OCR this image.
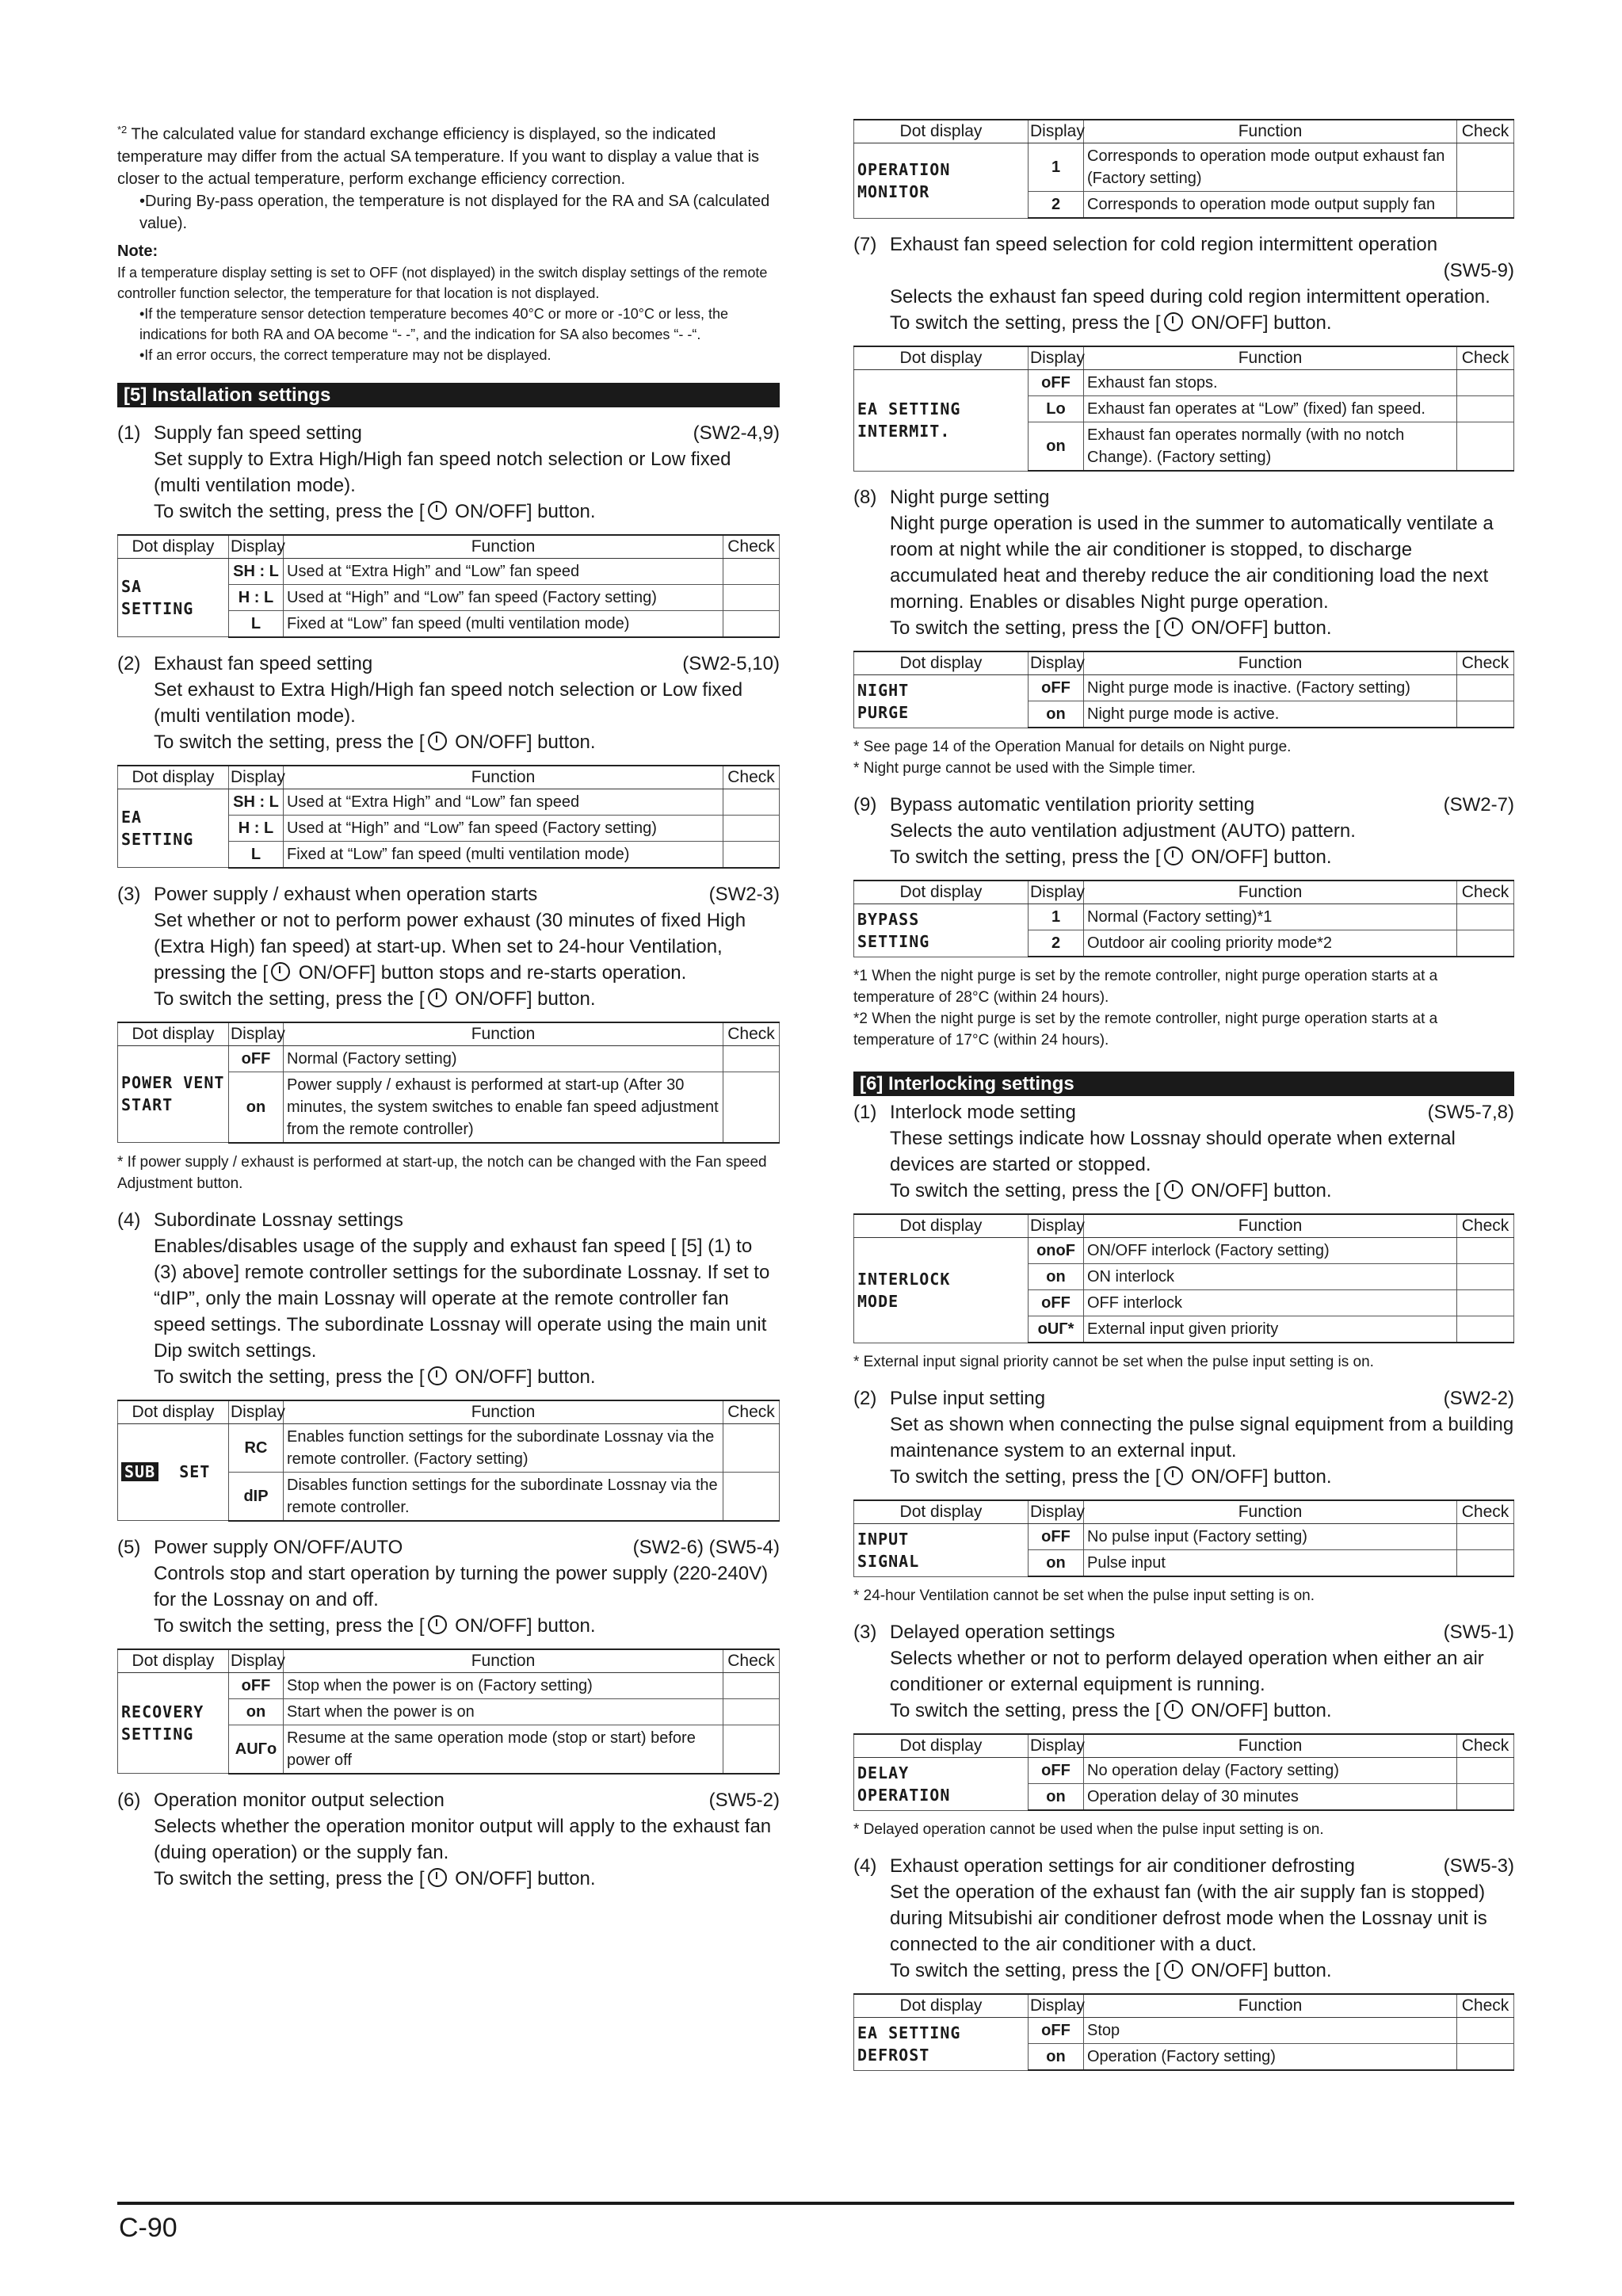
$^{*2}$ The calculated value for standard exchange efficiency is displayed, so the indicated temperature may differ from the actual SA temperature. If you want to display a value that is closer to the actual temperature, perform exchange efficiency correction.

•During By-pass operation, the temperature is not displayed for the RA and SA (calculated value).

Note:

If a temperature display setting is set to OFF (not displayed) in the switch display settings of the remote controller function selector, the temperature for that location is not displayed.

•If the temperature sensor detection temperature becomes 40°C or more or -10°C or less, the indications for both RA and OA become “- -”, and the indication for SA also becomes “- -“.

•If an error occurs, the correct temperature may not be displayed.

[5] Installation settings
(1) Supply fan speed setting	(SW2-4,9)
Set supply to Extra High/High fan speed notch selection or Low fixed (multi ventilation mode).
To switch the setting, press the [ ON/OFF] button.
Dot display	Display	Function	Check
SA
SETTING	SH : L	Used at “Extra High” and “Low” fan speed	
	H : L	Used at “High” and “Low” fan speed (Factory setting)	
	L	Fixed at “Low” fan speed (multi ventilation mode)	
(2) Exhaust fan speed setting	(SW2-5,10)
Set exhaust to Extra High/High fan speed notch selection or Low fixed (multi ventilation mode).
To switch the setting, press the [ ON/OFF] button.
Dot display	Display	Function	Check
EA
SETTING	SH : L	Used at “Extra High” and “Low” fan speed	
	H : L	Used at “High” and “Low” fan speed (Factory setting)	
	L	Fixed at “Low” fan speed (multi ventilation mode)	
(3) Power supply / exhaust when operation starts	(SW2-3)
Set whether or not to perform power exhaust (30 minutes of fixed High (Extra High) fan speed) at start-up. When set to 24-hour Ventilation, pressing the [ ON/OFF] button stops and re-starts operation.
To switch the setting, press the [ ON/OFF] button.
Dot display	Display	Function	Check
POWER VENT
START	oFF	Normal (Factory setting)	
	on	Power supply / exhaust is performed at start-up (After 30 minutes, the system switches to enable fan speed adjustment from the remote controller)	

* If power supply / exhaust is performed at start-up, the notch can be changed with the Fan speed Adjustment button.

(4) Subordinate Lossnay settings
Enables/disables usage of the supply and exhaust fan speed [ [5] (1) to (3) above] remote controller settings for the subordinate Lossnay. If set to “dIP”, only the main Lossnay will operate at the remote controller fan speed settings. The subordinate Lossnay will operate using the main unit Dip switch settings.
To switch the setting, press the [ ON/OFF] button.
Dot display	Display	Function	Check
SUB SET	RC	Enables function settings for the subordinate Lossnay via the remote controller. (Factory setting)	
	dIP	Disables function settings for the subordinate Lossnay via the remote controller.	
(5) Power supply ON/OFF/AUTO	(SW2-6) (SW5-4)
Controls stop and start operation by turning the power supply (220-240V) for the Lossnay on and off.
To switch the setting, press the [ ON/OFF] button.
Dot display	Display	Function	Check
RECOVERY
SETTING	oFF	Stop when the power is on (Factory setting)	
	on	Start when the power is on	
	AUГo	Resume at the same operation mode (stop or start) before power off	
(6) Operation monitor output selection	(SW5-2)
Selects whether the operation monitor output will apply to the exhaust fan (duing operation) or the supply fan.
To switch the setting, press the [ ON/OFF] button.
Dot display	Display	Function	Check
OPERATION
MONITOR	1	Corresponds to operation mode output exhaust fan (Factory setting)	
	2	Corresponds to operation mode output supply fan	
(7) Exhaust fan speed selection for cold region intermittent operation
(SW5-9)
Selects the exhaust fan speed during cold region intermittent operation.
To switch the setting, press the [ ON/OFF] button.
Dot display	Display	Function	Check
EA SETTING
INTERMIT.	oFF	Exhaust fan stops.	
	Lo	Exhaust fan operates at “Low” (fixed) fan speed.	
	on	Exhaust fan operates normally (with no notch Change). (Factory setting)	
(8) Night purge setting
Night purge operation is used in the summer to automatically ventilate a room at night while the air conditioner is stopped, to discharge accumulated heat and thereby reduce the air conditioning load the next morning. Enables or disables Night purge operation.
To switch the setting, press the [ ON/OFF] button.
Dot display	Display	Function	Check
NIGHT
PURGE	oFF	Night purge mode is inactive. (Factory setting)	
	on	Night purge mode is active.	

* See page 14 of the Operation Manual for details on Night purge.

* Night purge cannot be used with the Simple timer.

(9) Bypass automatic ventilation priority setting	(SW2-7)
Selects the auto ventilation adjustment (AUTO) pattern.
To switch the setting, press the [ ON/OFF] button.
Dot display	Display	Function	Check
BYPASS
SETTING	1	Normal (Factory setting)*1	
	2	Outdoor air cooling priority mode*2	

*1 When the night purge is set by the remote controller, night purge operation starts at a temperature of 28°C (within 24 hours).

*2 When the night purge is set by the remote controller, night purge operation starts at a temperature of 17°C (within 24 hours).

[6] Interlocking settings
(1) Interlock mode setting	(SW5-7,8)
These settings indicate how Lossnay should operate when external devices are started or stopped.
To switch the setting, press the [ ON/OFF] button.
Dot display	Display	Function	Check
INTERLOCK
MODE	onoF	ON/OFF interlock (Factory setting)	
	on	ON interlock	
	oFF	OFF interlock	
	oUГ*	External input given priority	

* External input signal priority cannot be set when the pulse input setting is on.

(2) Pulse input setting	(SW2-2)
Set as shown when connecting the pulse signal equipment from a building maintenance system to an external input.
To switch the setting, press the [ ON/OFF] button.
Dot display	Display	Function	Check
INPUT
SIGNAL	oFF	No pulse input (Factory setting)	
	on	Pulse input	

* 24-hour Ventilation cannot be set when the pulse input setting is on.

(3) Delayed operation settings	(SW5-1)
Selects whether or not to perform delayed operation when either an air conditioner or external equipment is running.
To switch the setting, press the [ ON/OFF] button.
Dot display	Display	Function	Check
DELAY
OPERATION	oFF	No operation delay (Factory setting)	
	on	Operation delay of 30 minutes	

* Delayed operation cannot be used when the pulse input setting is on.

(4) Exhaust operation settings for air conditioner defrosting	(SW5-3)
Set the operation of the exhaust fan (with the air supply fan is stopped) during Mitsubishi air conditioner defrost mode when the Lossnay unit is connected to the air conditioner with a duct.
To switch the setting, press the [ ON/OFF] button.
Dot display	Display	Function	Check
EA SETTING
DEFROST	oFF	Stop	
	on	Operation (Factory setting)	
C-90
